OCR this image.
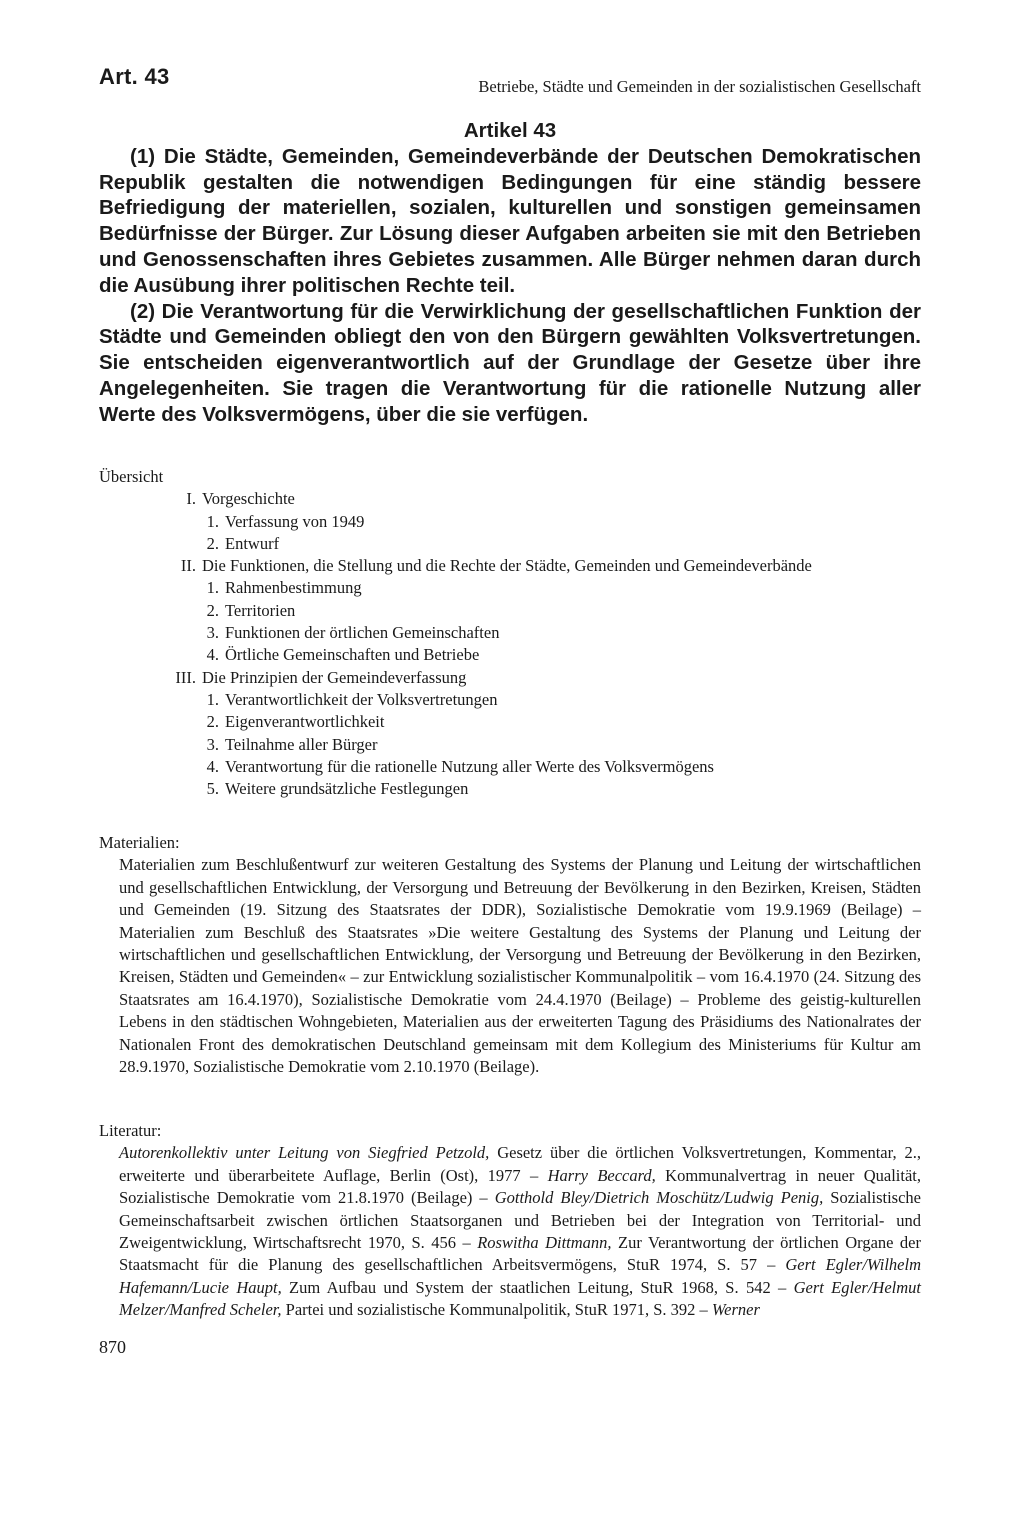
Art. 43	Betriebe, Städte und Gemeinden in der sozialistischen Gesellschaft
Artikel 43

(1) Die Städte, Gemeinden, Gemeindeverbände der Deutschen Demokratischen Republik gestalten die notwendigen Bedingungen für eine ständig bessere Befriedigung der materiellen, sozialen, kulturellen und sonstigen gemeinsamen Bedürfnisse der Bürger. Zur Lösung dieser Aufgaben arbeiten sie mit den Betrieben und Genossenschaften ihres Gebietes zusammen. Alle Bürger nehmen daran durch die Ausübung ihrer politischen Rechte teil.

(2) Die Verantwortung für die Verwirklichung der gesellschaftlichen Funktion der Städte und Gemeinden obliegt den von den Bürgern gewählten Volksvertretungen. Sie entscheiden eigenverantwortlich auf der Grundlage der Gesetze über ihre Angelegenheiten. Sie tragen die Verantwortung für die rationelle Nutzung aller Werte des Volksvermögens, über die sie verfügen.

Übersicht
I. Vorgeschichte
1. Verfassung von 1949
2. Entwurf
II. Die Funktionen, die Stellung und die Rechte der Städte, Gemeinden und Gemeindeverbände
1. Rahmenbestimmung
2. Territorien
3. Funktionen der örtlichen Gemeinschaften
4. Örtliche Gemeinschaften und Betriebe
III. Die Prinzipien der Gemeindeverfassung
1. Verantwortlichkeit der Volksvertretungen
2. Eigenverantwortlichkeit
3. Teilnahme aller Bürger
4. Verantwortung für die rationelle Nutzung aller Werte des Volksvermögens
5. Weitere grundsätzliche Festlegungen

Materialien:

Materialien zum Beschlußentwurf zur weiteren Gestaltung des Systems der Planung und Leitung der wirtschaftlichen und gesellschaftlichen Entwicklung, der Versorgung und Betreuung der Bevölkerung in den Bezirken, Kreisen, Städten und Gemeinden (19. Sitzung des Staatsrates der DDR), Sozialistische Demokratie vom 19.9.1969 (Beilage) – Materialien zum Beschluß des Staatsrates »Die weitere Gestaltung des Systems der Planung und Leitung der wirtschaftlichen und gesellschaftlichen Entwicklung, der Versorgung und Betreuung der Bevölkerung in den Bezirken, Kreisen, Städten und Gemeinden« – zur Entwicklung sozialistischer Kommunalpolitik – vom 16.4.1970 (24. Sitzung des Staatsrates am 16.4.1970), Sozialistische Demokratie vom 24.4.1970 (Beilage) – Probleme des geistig-kulturellen Lebens in den städtischen Wohngebieten, Materialien aus der erweiterten Tagung des Präsidiums des Nationalrates der Nationalen Front des demokratischen Deutschland gemeinsam mit dem Kollegium des Ministeriums für Kultur am 28.9.1970, Sozialistische Demokratie vom 2.10.1970 (Beilage).

Literatur:

Autorenkollektiv unter Leitung von Siegfried Petzold, Gesetz über die örtlichen Volksvertretungen, Kommentar, 2., erweiterte und überarbeitete Auflage, Berlin (Ost), 1977 – Harry Beccard, Kommunalvertrag in neuer Qualität, Sozialistische Demokratie vom 21.8.1970 (Beilage) – Gotthold Bley/Dietrich Moschütz/Ludwig Penig, Sozialistische Gemeinschaftsarbeit zwischen örtlichen Staatsorganen und Betrieben bei der Integration von Territorial- und Zweigentwicklung, Wirtschaftsrecht 1970, S. 456 – Roswitha Dittmann, Zur Verantwortung der örtlichen Organe der Staatsmacht für die Planung des gesellschaftlichen Arbeitsvermögens, StuR 1974, S. 57 – Gert Egler/Wilhelm Hafemann/Lucie Haupt, Zum Aufbau und System der staatlichen Leitung, StuR 1968, S. 542 – Gert Egler/Helmut Melzer/Manfred Scheler, Partei und sozialistische Kommunalpolitik, StuR 1971, S. 392 – Werner

870
